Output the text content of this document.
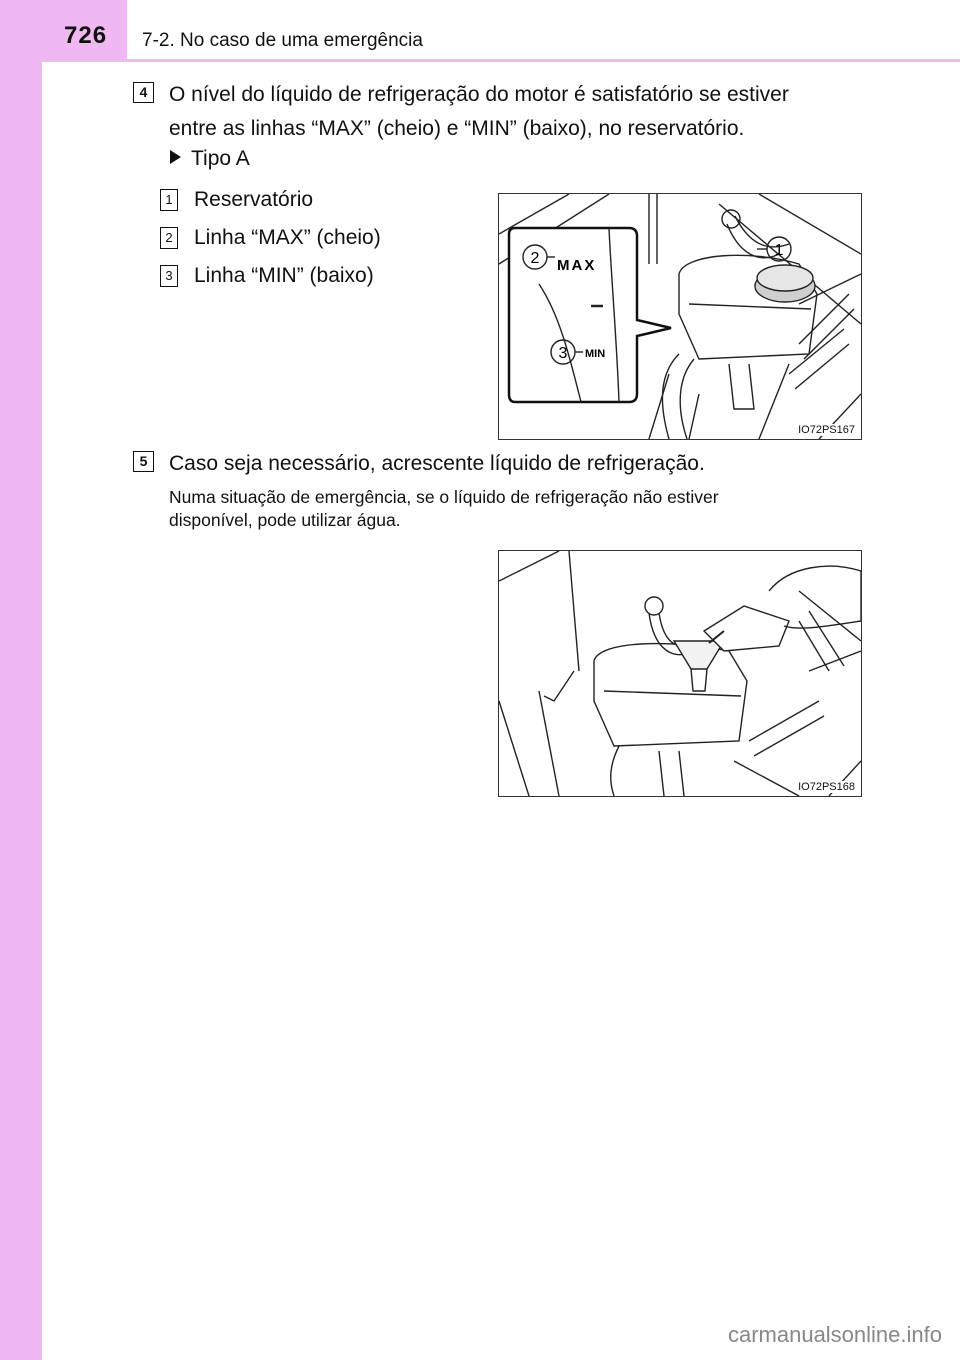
726 7-2. No caso de uma emergência
4	O nível do líquido de refrigeração do motor é satisfatório se estiver
entre as linhas “MAX” (cheio) e “MIN” (baixo), no reservatório.
Tipo A
1 Reservatório
2 Linha “MAX” (cheio)
3 Linha “MIN” (baixo)
2
3
1
MAX
MIN
IO72PS167
5	Caso seja necessário, acrescente líquido de refrigeração.
Numa situação de emergência, se o líquido de refrigeração não estiver
disponível, pode utilizar água.
IO72PS168
carmanualsonline.info
